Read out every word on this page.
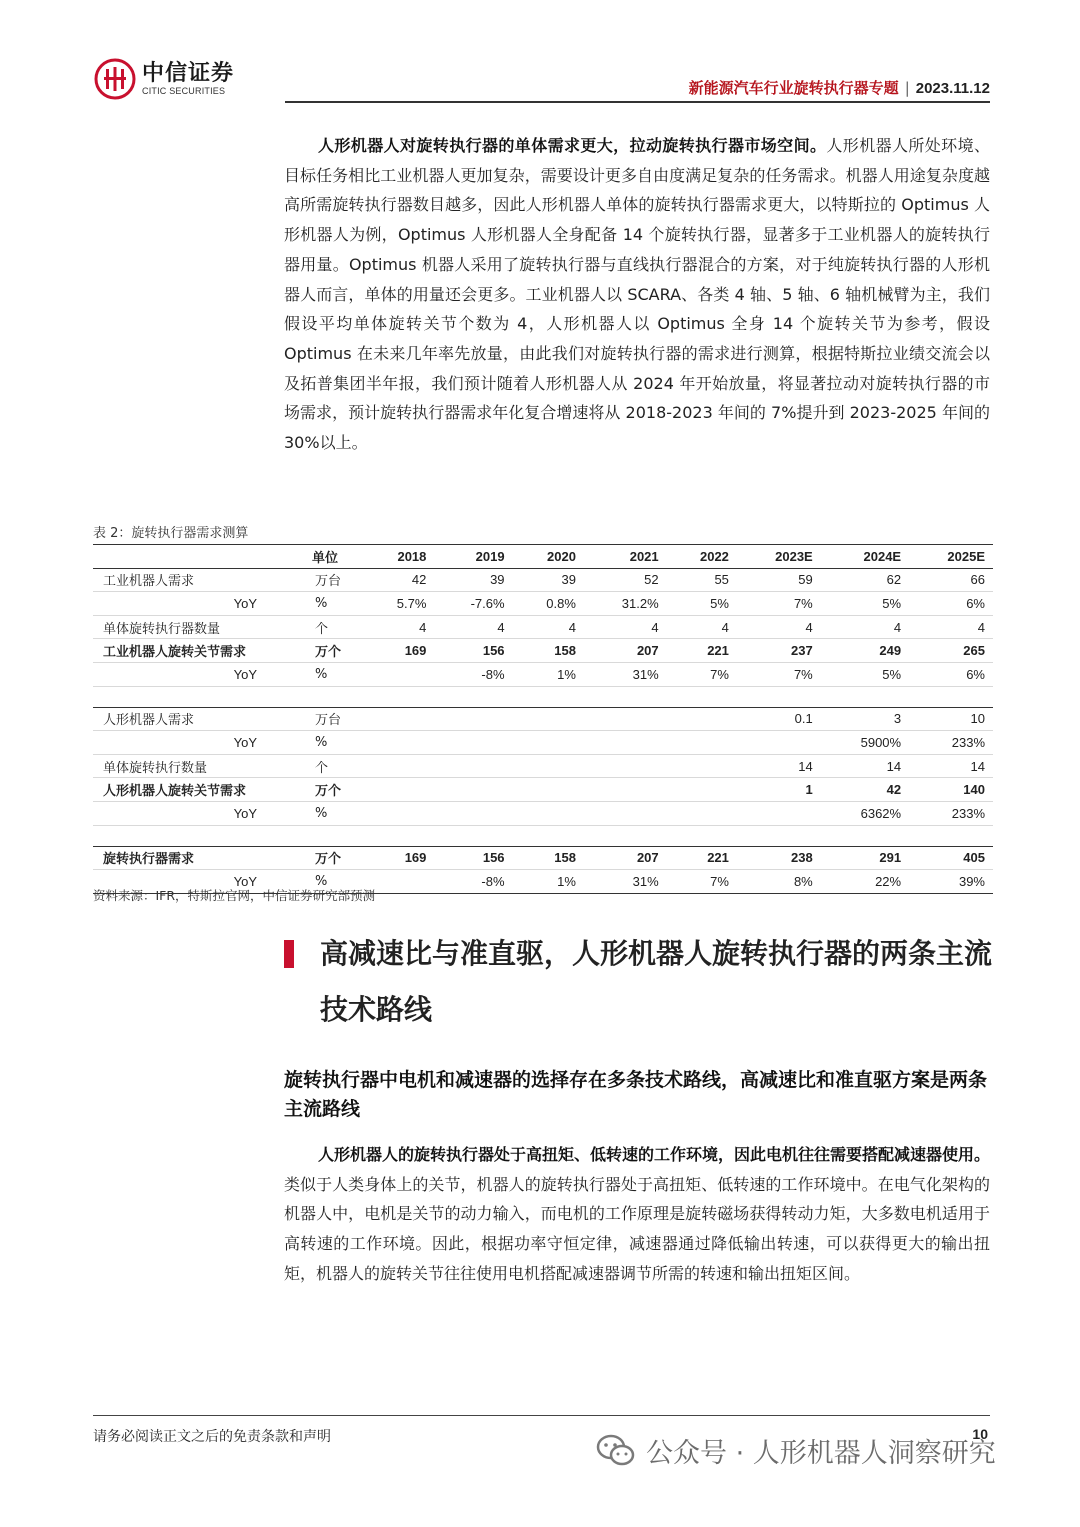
中信证券
CITIC SECURITIES	新能源汽车行业旋转执行器专题 | 2023.11.12
人形机器人对旋转执行器的单体需求更大，拉动旋转执行器市场空间。人形机器人所处环境、目标任务相比工业机器人更加复杂，需要设计更多自由度满足复杂的任务需求。机器人用途复杂度越高所需旋转执行器数目越多，因此人形机器人单体的旋转执行器需求更大，以特斯拉的 Optimus 人形机器人为例，Optimus 人形机器人全身配备 14 个旋转执行器，显著多于工业机器人的旋转执行器用量。Optimus 机器人采用了旋转执行器与直线执行器混合的方案，对于纯旋转执行器的人形机器人而言，单体的用量还会更多。工业机器人以 SCARA、各类 4 轴、5 轴、6 轴机械臂为主，我们假设平均单体旋转关节个数为 4，人形机器人以 Optimus 全身 14 个旋转关节为参考，假设 Optimus 在未来几年率先放量，由此我们对旋转执行器的需求进行测算，根据特斯拉业绩交流会以及拓普集团半年报，我们预计随着人形机器人从 2024 年开始放量，将显著拉动对旋转执行器的市场需求，预计旋转执行器需求年化复合增速将从 2018-2023 年间的 7%提升到 2023-2025 年间的 30%以上。
表 2：旋转执行器需求测算
	单位	2018	2019	2020	2021	2022	2023E	2024E	2025E
工业机器人需求	万台	42	39	39	52	55	59	62	66
YoY	%	5.7%	-7.6%	0.8%	31.2%	5%	7%	5%	6%
单体旋转执行器数量	个	4	4	4	4	4	4	4	4
工业机器人旋转关节需求	万个	169	156	158	207	221	237	249	265
YoY	%		-8%	1%	31%	7%	7%	5%	6%

人形机器人需求	万台						0.1	3	10
YoY	%							5900%	233%
单体旋转执行数量	个						14	14	14
人形机器人旋转关节需求	万个						1	42	140
YoY	%							6362%	233%

旋转执行器需求	万个	169	156	158	207	221	238	291	405
YoY	%		-8%	1%	31%	7%	8%	22%	39%
资料来源：IFR，特斯拉官网，中信证券研究部预测
高减速比与准直驱，人形机器人旋转执行器的两条主流技术路线
旋转执行器中电机和减速器的选择存在多条技术路线，高减速比和准直驱方案是两条主流路线
人形机器人的旋转执行器处于高扭矩、低转速的工作环境，因此电机往往需要搭配减速器使用。类似于人类身体上的关节，机器人的旋转执行器处于高扭矩、低转速的工作环境中。在电气化架构的机器人中，电机是关节的动力输入，而电机的工作原理是旋转磁场获得转动力矩，大多数电机适用于高转速的工作环境。因此，根据功率守恒定律，减速器通过降低输出转速，可以获得更大的输出扭矩，机器人的旋转关节往往使用电机搭配减速器调节所需的转速和输出扭矩区间。
请务必阅读正文之后的免责条款和声明	10
公众号 · 人形机器人洞察研究
